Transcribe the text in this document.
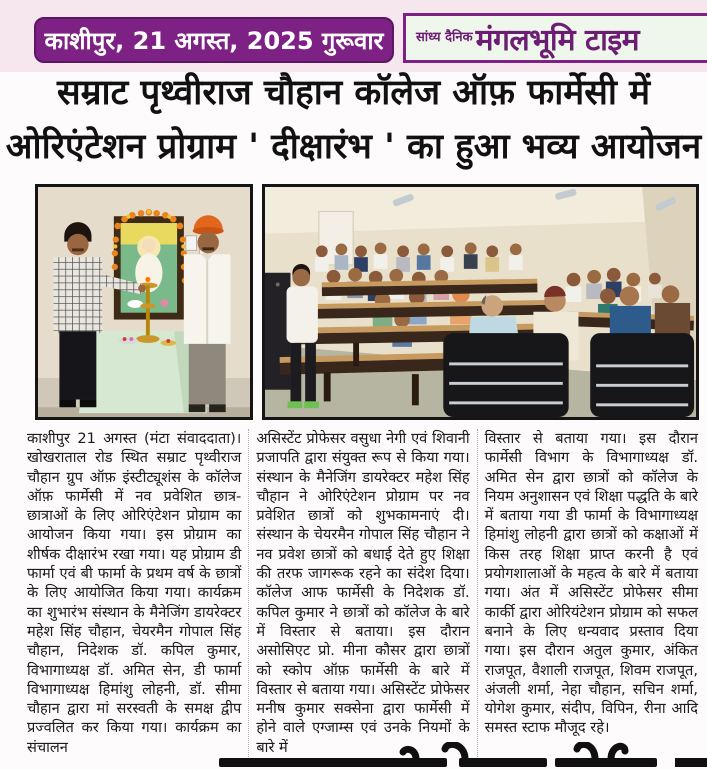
काशीपुर, 21 अगस्त, 2025 गुरूवार	सांध्य दैनिक मंगलभूमि टाइम
सम्राट पृथ्वीराज चौहान कॉलेज ऑफ़ फार्मेसी में
ओरिएंटेशन प्रोग्राम ' दीक्षारंभ ' का हुआ भव्य आयोजन
काशीपुर 21 अगस्त (मंटा संवाददाता)। खोखराताल रोड स्थित सम्राट पृथ्वीराज चौहान ग्रुप ऑफ़ इंस्टीट्यूशंस के कॉलेज ऑफ़ फार्मेसी में नव प्रवेशित छात्र-छात्राओं के लिए ओरिएंटेशन प्रोग्राम का आयोजन किया गया। इस प्रोग्राम का शीर्षक दीक्षारंभ रखा गया। यह प्रोग्राम डी फार्मा एवं बी फार्मा के प्रथम वर्ष के छात्रों के लिए आयोजित किया गया। कार्यक्रम का शुभारंभ संस्थान के मैनेजिंग डायरेक्टर महेश सिंह चौहान, चेयरमैन गोपाल सिंह चौहान, निदेशक डॉ. कपिल कुमार, विभागाध्यक्ष डॉ. अमित सेन, डी फार्मा विभागाध्यक्ष हिमांशु लोहनी, डॉ. सीमा चौहान द्वारा मां सरस्वती के समक्ष द्वीप प्रज्वलित कर किया गया। कार्यक्रम का संचालन
असिस्टेंट प्रोफेसर वसुधा नेगी एवं शिवानी प्रजापति द्वारा संयुक्त रूप से किया गया। संस्थान के मैनेजिंग डायरेक्टर महेश सिंह चौहान ने ओरिएंटेशन प्रोग्राम पर नव प्रवेशित छात्रों को शुभकामनाएं दी। संस्थान के चेयरमैन गोपाल सिंह चौहान ने नव प्रवेश छात्रों को बधाई देते हुए शिक्षा की तरफ जागरूक रहने का संदेश दिया। कॉलेज आफ फार्मेसी के निदेशक डॉ. कपिल कुमार ने छात्रों को कॉलेज के बारे में विस्तार से बताया। इस दौरान असोसिएट प्रो. मीना कौसर द्वारा छात्रों को स्कोप ऑफ़ फार्मेसी के बारे में विस्तार से बताया गया। असिस्टेंट प्रोफेसर मनीष कुमार सक्सेना द्वारा फार्मेसी में होने वाले एग्जाम्स एवं उनके नियमों के बारे में
विस्तार से बताया गया। इस दौरान फार्मेसी विभाग के विभागाध्यक्ष डॉ. अमित सेन द्वारा छात्रों को कॉलेज के नियम अनुशासन एवं शिक्षा पद्धति के बारे में बताया गया डी फार्मा के विभागाध्यक्ष हिमांशु लोहनी द्वारा छात्रों को कक्षाओं में किस तरह शिक्षा प्राप्त करनी है एवं प्रयोगशालाओं के महत्व के बारे में बताया गया। अंत में असिस्टेंट प्रोफेसर सीमा कार्की द्वारा ओरियंटेशन प्रोग्राम को सफल बनाने के लिए धन्यवाद प्रस्ताव दिया गया। इस दौरान अतुल कुमार, अंकित राजपूत, वैशाली राजपूत, शिवम राजपूत, अंजली शर्मा, नेहा चौहान, सचिन शर्मा, योगेश कुमार, संदीप, विपिन, रीना आदि समस्त स्टाफ मौजूद रहे।
